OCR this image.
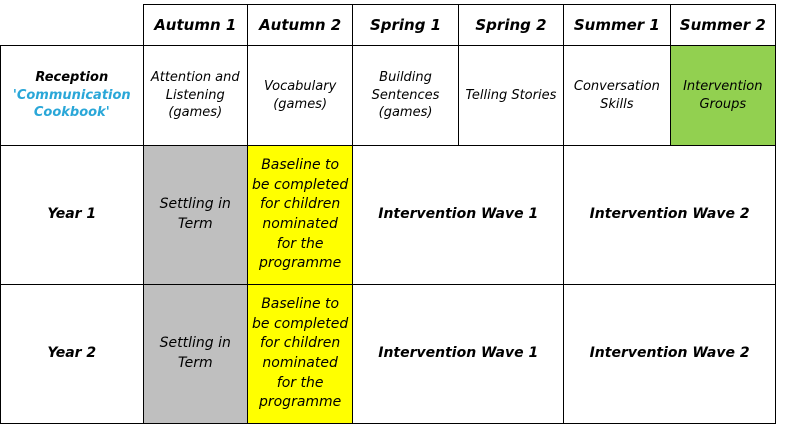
	Autumn 1	Autumn 2	Spring 1	Spring 2	Summer 1	Summer 2

Reception
'Communication Cookbook'	Attention and Listening (games)	Vocabulary (games)	Building Sentences (games)	Telling Stories	Conversation Skills	Intervention Groups
Year 1	Settling in Term	Baseline to be completed for children nominated for the programme	Intervention Wave 1		Intervention Wave 2	
Year 2	Settling in Term	Baseline to be completed for children nominated for the programme	Intervention Wave 1		Intervention Wave 2	
